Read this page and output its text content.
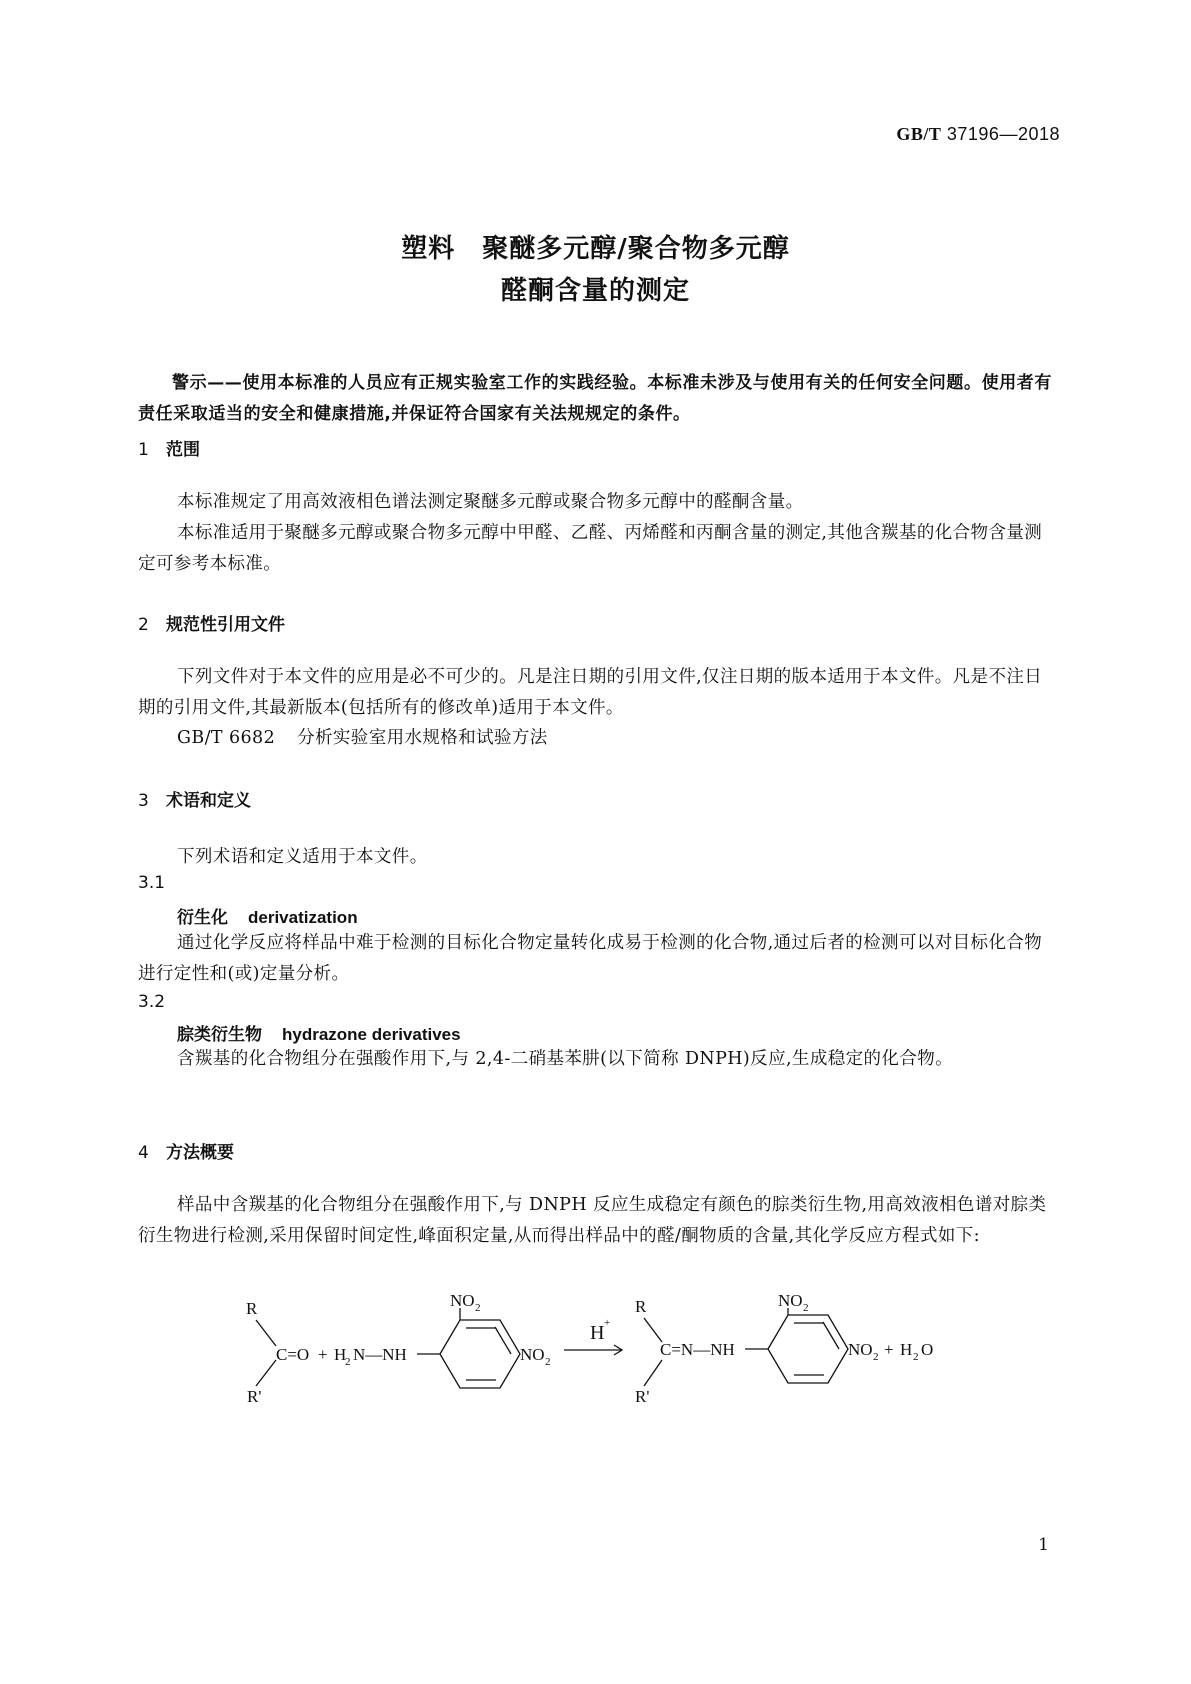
GB/T 37196—2018
塑料　聚醚多元醇/聚合物多元醇
醛酮含量的测定
警示——使用本标准的人员应有正规实验室工作的实践经验。本标准未涉及与使用有关的任何安全问题。使用者有责任采取适当的安全和健康措施,并保证符合国家有关法规规定的条件。
1 范围
本标准规定了用高效液相色谱法测定聚醚多元醇或聚合物多元醇中的醛酮含量。
本标准适用于聚醚多元醇或聚合物多元醇中甲醛、乙醛、丙烯醛和丙酮含量的测定,其他含羰基的化合物含量测定可参考本标准。
2 规范性引用文件
下列文件对于本文件的应用是必不可少的。凡是注日期的引用文件,仅注日期的版本适用于本文件。凡是不注日期的引用文件,其最新版本(包括所有的修改单)适用于本文件。
GB/T 6682 分析实验室用水规格和试验方法
3 术语和定义
下列术语和定义适用于本文件。
3.1
衍生化 derivatization
通过化学反应将样品中难于检测的目标化合物定量转化成易于检测的化合物,通过后者的检测可以对目标化合物进行定性和(或)定量分析。
3.2
腙类衍生物 hydrazone derivatives
含羰基的化合物组分在强酸作用下,与 2,4-二硝基苯肼(以下简称 DNPH)反应,生成稳定的化合物。
4 方法概要
样品中含羰基的化合物组分在强酸作用下,与 DNPH 反应生成稳定有颜色的腙类衍生物,用高效液相色谱对腙类衍生物进行检测,采用保留时间定性,峰面积定量,从而得出样品中的醛/酮物质的含量,其化学反应方程式如下:
R
R'
C=O + H
2 N—NH
NO 2
NO 2
H +
R
R'
C=N—NH
NO 2
NO 2 + H 2 O
1
